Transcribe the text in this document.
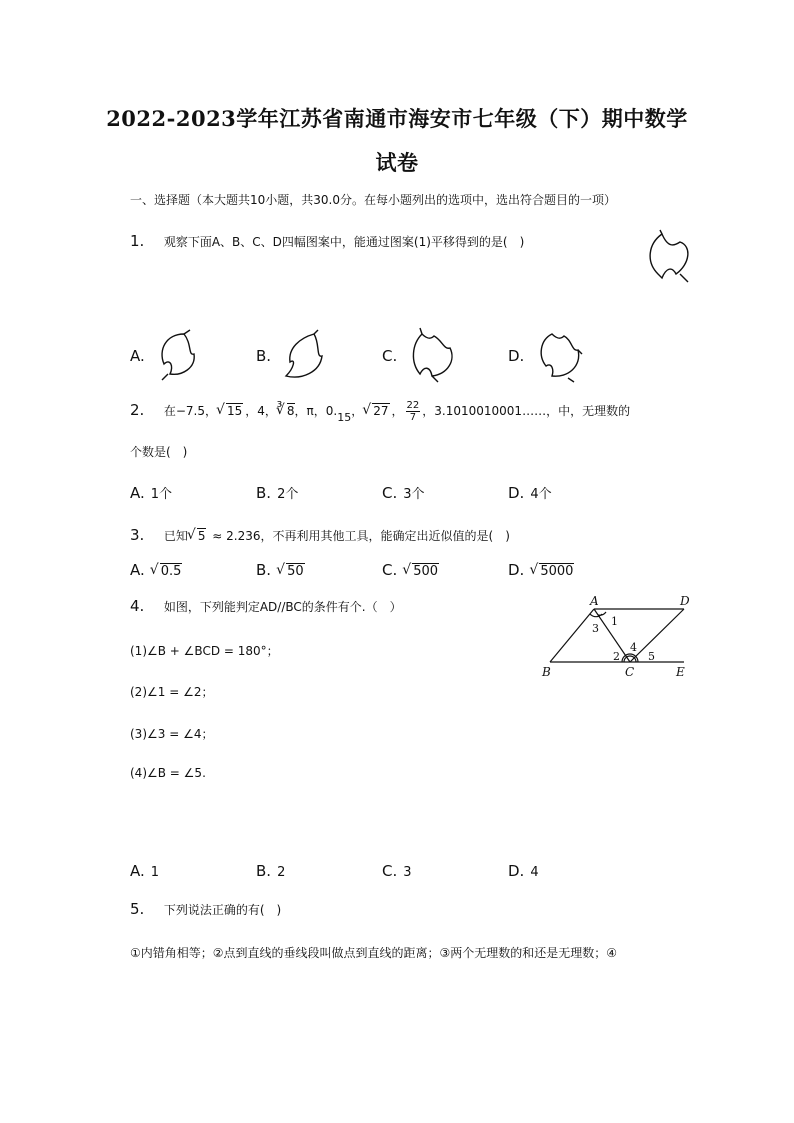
2022-2023学年江苏省南通市海安市七年级（下）期中数学
试卷
一、选择题（本大题共10小题，共30.0分。在每小题列出的选项中，选出符合题目的一项）
1. 观察下面A、B、C、D四幅图案中，能通过图案(1)平移得到的是(　)
A.	B.	C.	D.
2. 在−7.5， √ 15 ，4， ∛ 8，π，0.15， √ 27 ， $\frac{22}{7}$ ，3.1010010001……，中，无理数的
个数是(　)
A. 1个	B. 2个	C. 3个	D. 4个
3. 已知 √ 5 ≈ 2.236，不再利用其他工具，能确定出近似值的是(　)
A. √ 0.5	B. √ 50	C. √ 500	D. √ 5000
4. 如图，下列能判定AD//BC的条件有个.（　）
(1)∠B + ∠BCD = 180°；
(2)∠1 = ∠2；
(3)∠3 = ∠4；
(4)∠B = ∠5.
A	D
B	C	E
1
2
3
4
5
A. 1	B. 2	C. 3	D. 4
5. 下列说法正确的有(　)
①内错角相等；②点到直线的垂线段叫做点到直线的距离；③两个无理数的和还是无理数；④
